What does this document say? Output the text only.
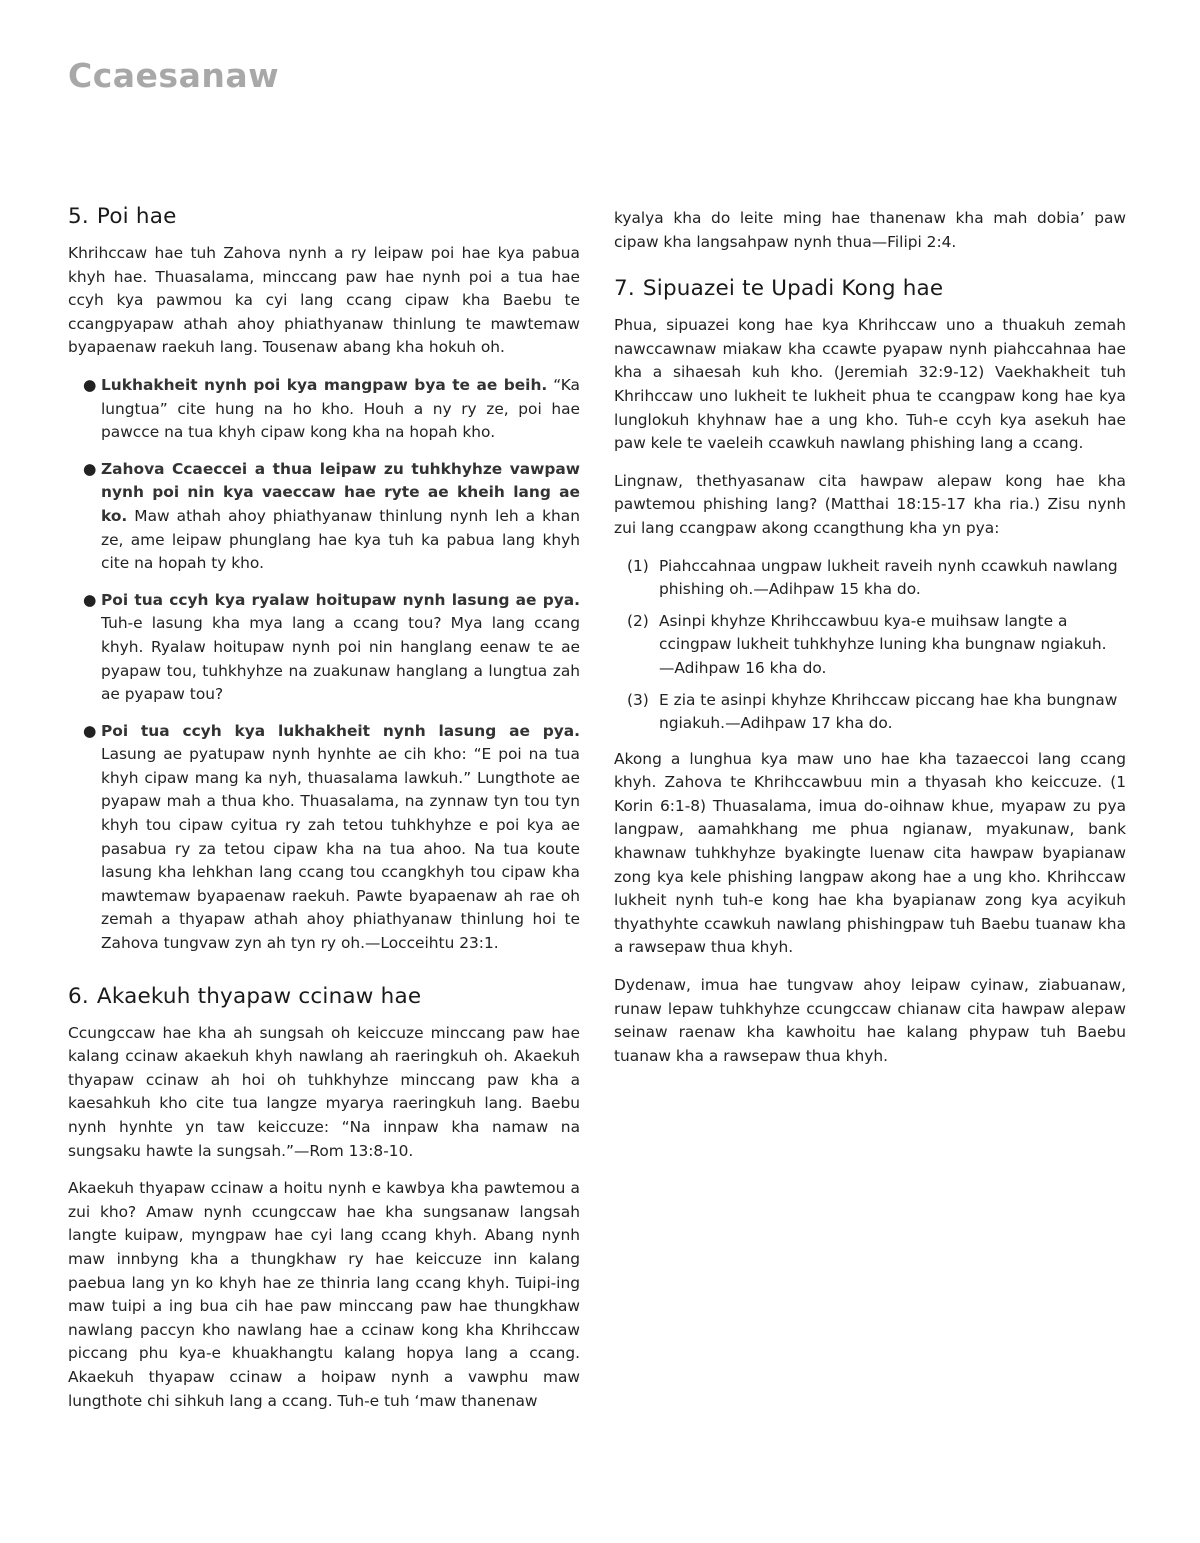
Ccaesanaw
5. Poi hae

Khrihccaw hae tuh Zahova nynh a ry leipaw poi hae kya pabua khyh hae. Thuasalama, minccang paw hae nynh poi a tua hae ccyh kya pawmou ka cyi lang ccang cipaw kha Baebu te ccangpyapaw athah ahoy phiathyanaw thinlung te mawtemaw byapaenaw raekuh lang. Tousenaw abang kha hokuh oh.

● Lukhakheit nynh poi kya mangpaw bya te ae beih. “Ka lungtua” cite hung na ho kho. Houh a ny ry ze, poi hae pawcce na tua khyh cipaw kong kha na hopah kho.
● Zahova Ccaeccei a thua leipaw zu tuhkhyhze vawpaw nynh poi nin kya vaeccaw hae ryte ae kheih lang ae ko. Maw athah ahoy phiathyanaw thinlung nynh leh a khan ze, ame leipaw phunglang hae kya tuh ka pabua lang khyh cite na hopah ty kho.
● Poi tua ccyh kya ryalaw hoitupaw nynh lasung ae pya. Tuh-e lasung kha mya lang a ccang tou? Mya lang ccang khyh. Ryalaw hoitupaw nynh poi nin hanglang eenaw te ae pyapaw tou, tuhkhyhze na zuakunaw hanglang a lungtua zah ae pyapaw tou?
● Poi tua ccyh kya lukhakheit nynh lasung ae pya. Lasung ae pyatupaw nynh hynhte ae cih kho: “E poi na tua khyh cipaw mang ka nyh, thuasalama lawkuh.” Lungthote ae pyapaw mah a thua kho. Thuasalama, na zynnaw tyn tou tyn khyh tou cipaw cyitua ry zah tetou tuhkhyhze e poi kya ae pasabua ry za tetou cipaw kha na tua ahoo. Na tua koute lasung kha lehkhan lang ccang tou ccangkhyh tou cipaw kha mawtemaw byapaenaw raekuh. Pawte byapaenaw ah rae oh zemah a thyapaw athah ahoy phiathyanaw thinlung hoi te Zahova tungvaw zyn ah tyn ry oh.—Locceihtu 23:1.
6. Akaekuh thyapaw ccinaw hae

Ccungccaw hae kha ah sungsah oh keiccuze minccang paw hae kalang ccinaw akaekuh khyh nawlang ah raeringkuh oh. Akaekuh thyapaw ccinaw ah hoi oh tuhkhyhze minccang paw kha a kaesahkuh kho cite tua langze myarya raeringkuh lang. Baebu nynh hynhte yn taw keiccuze: “Na innpaw kha namaw na sungsaku hawte la sungsah.”—Rom 13:8-10.

Akaekuh thyapaw ccinaw a hoitu nynh e kawbya kha pawtemou a zui kho? Amaw nynh ccungccaw hae kha sungsanaw langsah langte kuipaw, myngpaw hae cyi lang ccang khyh. Abang nynh maw innbyng kha a thungkhaw ry hae keiccuze inn kalang paebua lang yn ko khyh hae ze thinria lang ccang khyh. Tuipi-ing maw tuipi a ing bua cih hae paw minccang paw hae thungkhaw nawlang paccyn kho nawlang hae a ccinaw kong kha Khrihccaw piccang phu kya-e khuakhangtu kalang hopya lang a ccang. Akaekuh thyapaw ccinaw a hoipaw nynh a vawphu maw lungthote chi sihkuh lang a ccang. Tuh-e tuh ‘maw thanenaw

kyalya kha do leite ming hae thanenaw kha mah dobia’ paw cipaw kha langsahpaw nynh thua—Filipi 2:4.

7. Sipuazei te Upadi Kong hae

Phua, sipuazei kong hae kya Khrihccaw uno a thuakuh zemah nawccawnaw miakaw kha ccawte pyapaw nynh piahccahnaa hae kha a sihaesah kuh kho. (Jeremiah 32:9-12) Vaekhakheit tuh Khrihccaw uno lukheit te lukheit phua te ccangpaw kong hae kya lunglokuh khyhnaw hae a ung kho. Tuh-e ccyh kya asekuh hae paw kele te vaeleih ccawkuh nawlang phishing lang a ccang.

Lingnaw, thethyasanaw cita hawpaw alepaw kong hae kha pawtemou phishing lang? (Matthai 18:15-17 kha ria.) Zisu nynh zui lang ccangpaw akong ccangthung kha yn pya:

(1) Piahccahnaa ungpaw lukheit raveih nynh ccawkuh nawlang phishing oh.—Adihpaw 15 kha do.
(2) Asinpi khyhze Khrihccawbuu kya-e muihsaw langte a ccingpaw lukheit tuhkhyhze luning kha bungnaw ngiakuh. —Adihpaw 16 kha do.
(3) E zia te asinpi khyhze Khrihccaw piccang hae kha bungnaw ngiakuh.—Adihpaw 17 kha do.

Akong a lunghua kya maw uno hae kha tazaeccoi lang ccang khyh. Zahova te Khrihccawbuu min a thyasah kho keiccuze. (1 Korin 6:1-8) Thuasalama, imua do-oihnaw khue, myapaw zu pya langpaw, aamahkhang me phua ngianaw, myakunaw, bank khawnaw tuhkhyhze byakingte luenaw cita hawpaw byapianaw zong kya kele phishing langpaw akong hae a ung kho. Khrihccaw lukheit nynh tuh-e kong hae kha byapianaw zong kya acyikuh thyathyhte ccawkuh nawlang phishingpaw tuh Baebu tuanaw kha a rawsepaw thua khyh.

Dydenaw, imua hae tungvaw ahoy leipaw cyinaw, ziabuanaw, runaw lepaw tuhkhyhze ccungccaw chianaw cita hawpaw alepaw seinaw raenaw kha kawhoitu hae kalang phypaw tuh Baebu tuanaw kha a rawsepaw thua khyh.
